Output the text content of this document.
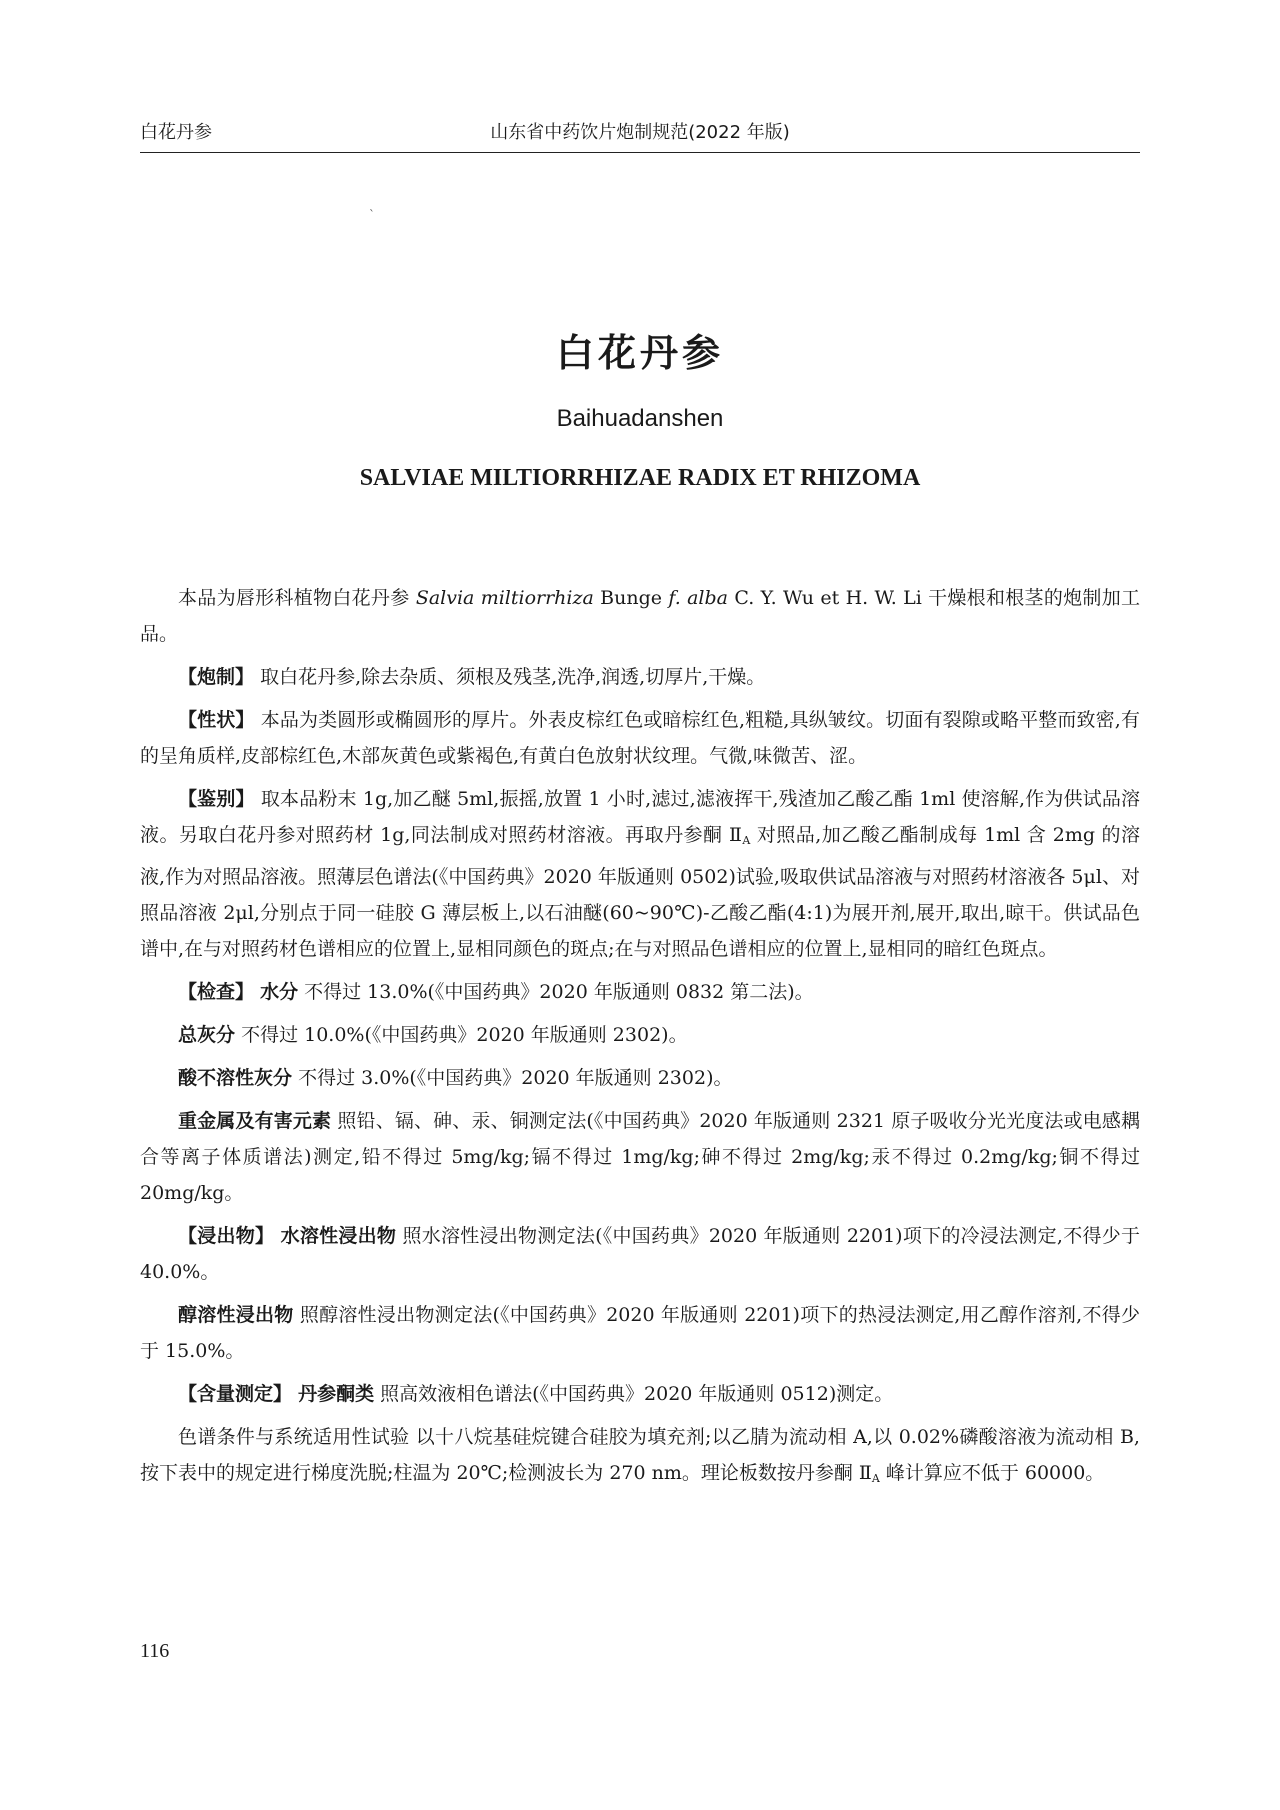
白花丹参	山东省中药饮片炮制规范(2022 年版)
`
白花丹参
Baihuadanshen
SALVIAE MILTIORRHIZAE RADIX ET RHIZOMA

本品为唇形科植物白花丹参 Salvia miltiorrhiza Bunge f. alba C. Y. Wu et H. W. Li 干燥根和根茎的炮制加工品。

【炮制】 取白花丹参,除去杂质、须根及残茎,洗净,润透,切厚片,干燥。

【性状】 本品为类圆形或椭圆形的厚片。外表皮棕红色或暗棕红色,粗糙,具纵皱纹。切面有裂隙或略平整而致密,有的呈角质样,皮部棕红色,木部灰黄色或紫褐色,有黄白色放射状纹理。气微,味微苦、涩。

【鉴别】 取本品粉末 1g,加乙醚 5ml,振摇,放置 1 小时,滤过,滤液挥干,残渣加乙酸乙酯 1ml 使溶解,作为供试品溶液。另取白花丹参对照药材 1g,同法制成对照药材溶液。再取丹参酮 $Ⅱ_A$ 对照品,加乙酸乙酯制成每 1ml 含 2mg 的溶液,作为对照品溶液。照薄层色谱法(《中国药典》2020 年版通则 0502)试验,吸取供试品溶液与对照药材溶液各 5μl、对照品溶液 2μl,分别点于同一硅胶 G 薄层板上,以石油醚(60~90℃)-乙酸乙酯(4:1)为展开剂,展开,取出,晾干。供试品色谱中,在与对照药材色谱相应的位置上,显相同颜色的斑点;在与对照品色谱相应的位置上,显相同的暗红色斑点。

【检查】 水分 不得过 13.0%(《中国药典》2020 年版通则 0832 第二法)。

总灰分 不得过 10.0%(《中国药典》2020 年版通则 2302)。

酸不溶性灰分 不得过 3.0%(《中国药典》2020 年版通则 2302)。

重金属及有害元素 照铅、镉、砷、汞、铜测定法(《中国药典》2020 年版通则 2321 原子吸收分光光度法或电感耦合等离子体质谱法)测定,铅不得过 5mg/kg;镉不得过 1mg/kg;砷不得过 2mg/kg;汞不得过 0.2mg/kg;铜不得过 20mg/kg。

【浸出物】 水溶性浸出物 照水溶性浸出物测定法(《中国药典》2020 年版通则 2201)项下的冷浸法测定,不得少于 40.0%。

醇溶性浸出物 照醇溶性浸出物测定法(《中国药典》2020 年版通则 2201)项下的热浸法测定,用乙醇作溶剂,不得少于 15.0%。

【含量测定】 丹参酮类 照高效液相色谱法(《中国药典》2020 年版通则 0512)测定。

色谱条件与系统适用性试验 以十八烷基硅烷键合硅胶为填充剂;以乙腈为流动相 A,以 0.02%磷酸溶液为流动相 B,按下表中的规定进行梯度洗脱;柱温为 20℃;检测波长为 270 nm。理论板数按丹参酮 $Ⅱ_A$ 峰计算应不低于 60000。

116
